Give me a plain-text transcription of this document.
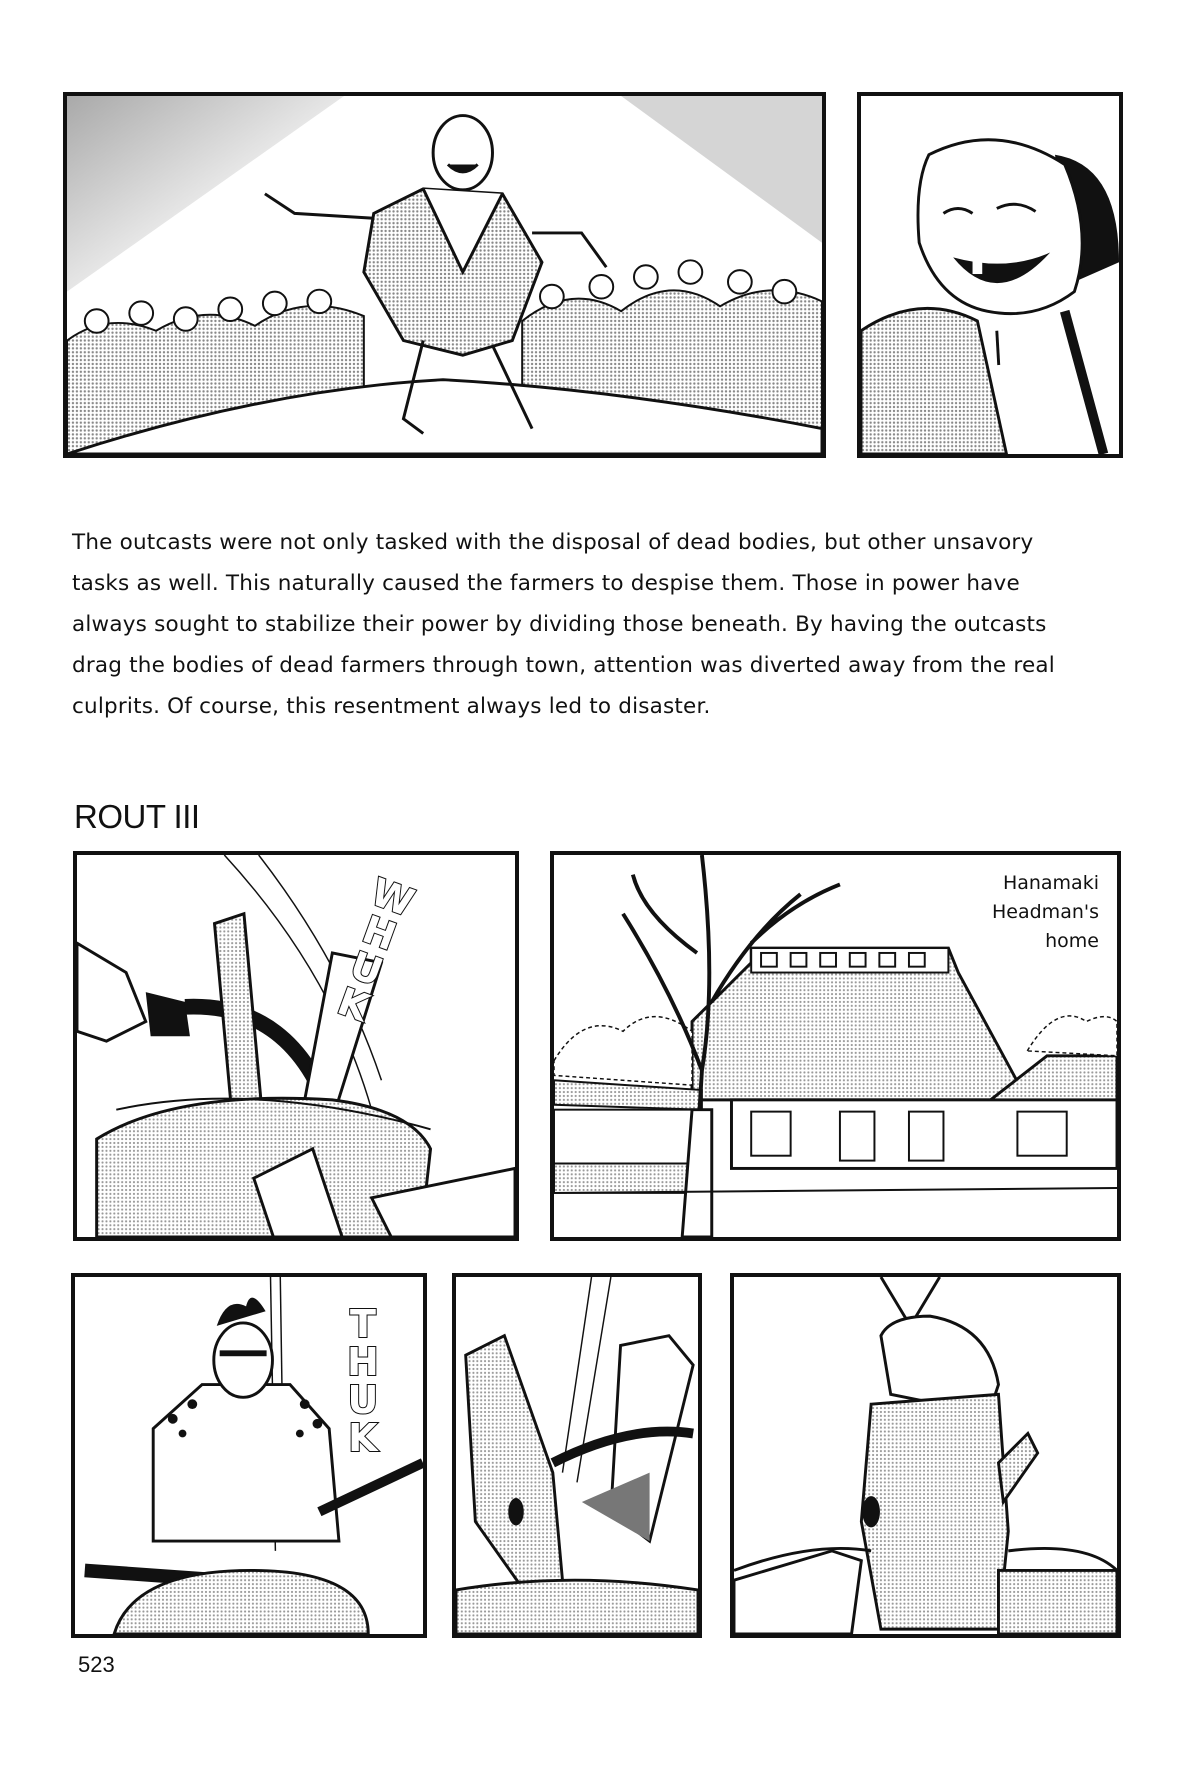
The outcasts were not only tasked with the disposal of dead bodies, but other unsavory
tasks as well. This naturally caused the farmers to despise them. Those in power have
always sought to stabilize their power by dividing those beneath. By having the outcasts
drag the bodies of dead farmers through town, attention was diverted away from the real
culprits. Of course, this resentment always led to disaster.
ROUT III
W
H
U
K
Hanamaki
Headman's
home
T
H
U
K
523
